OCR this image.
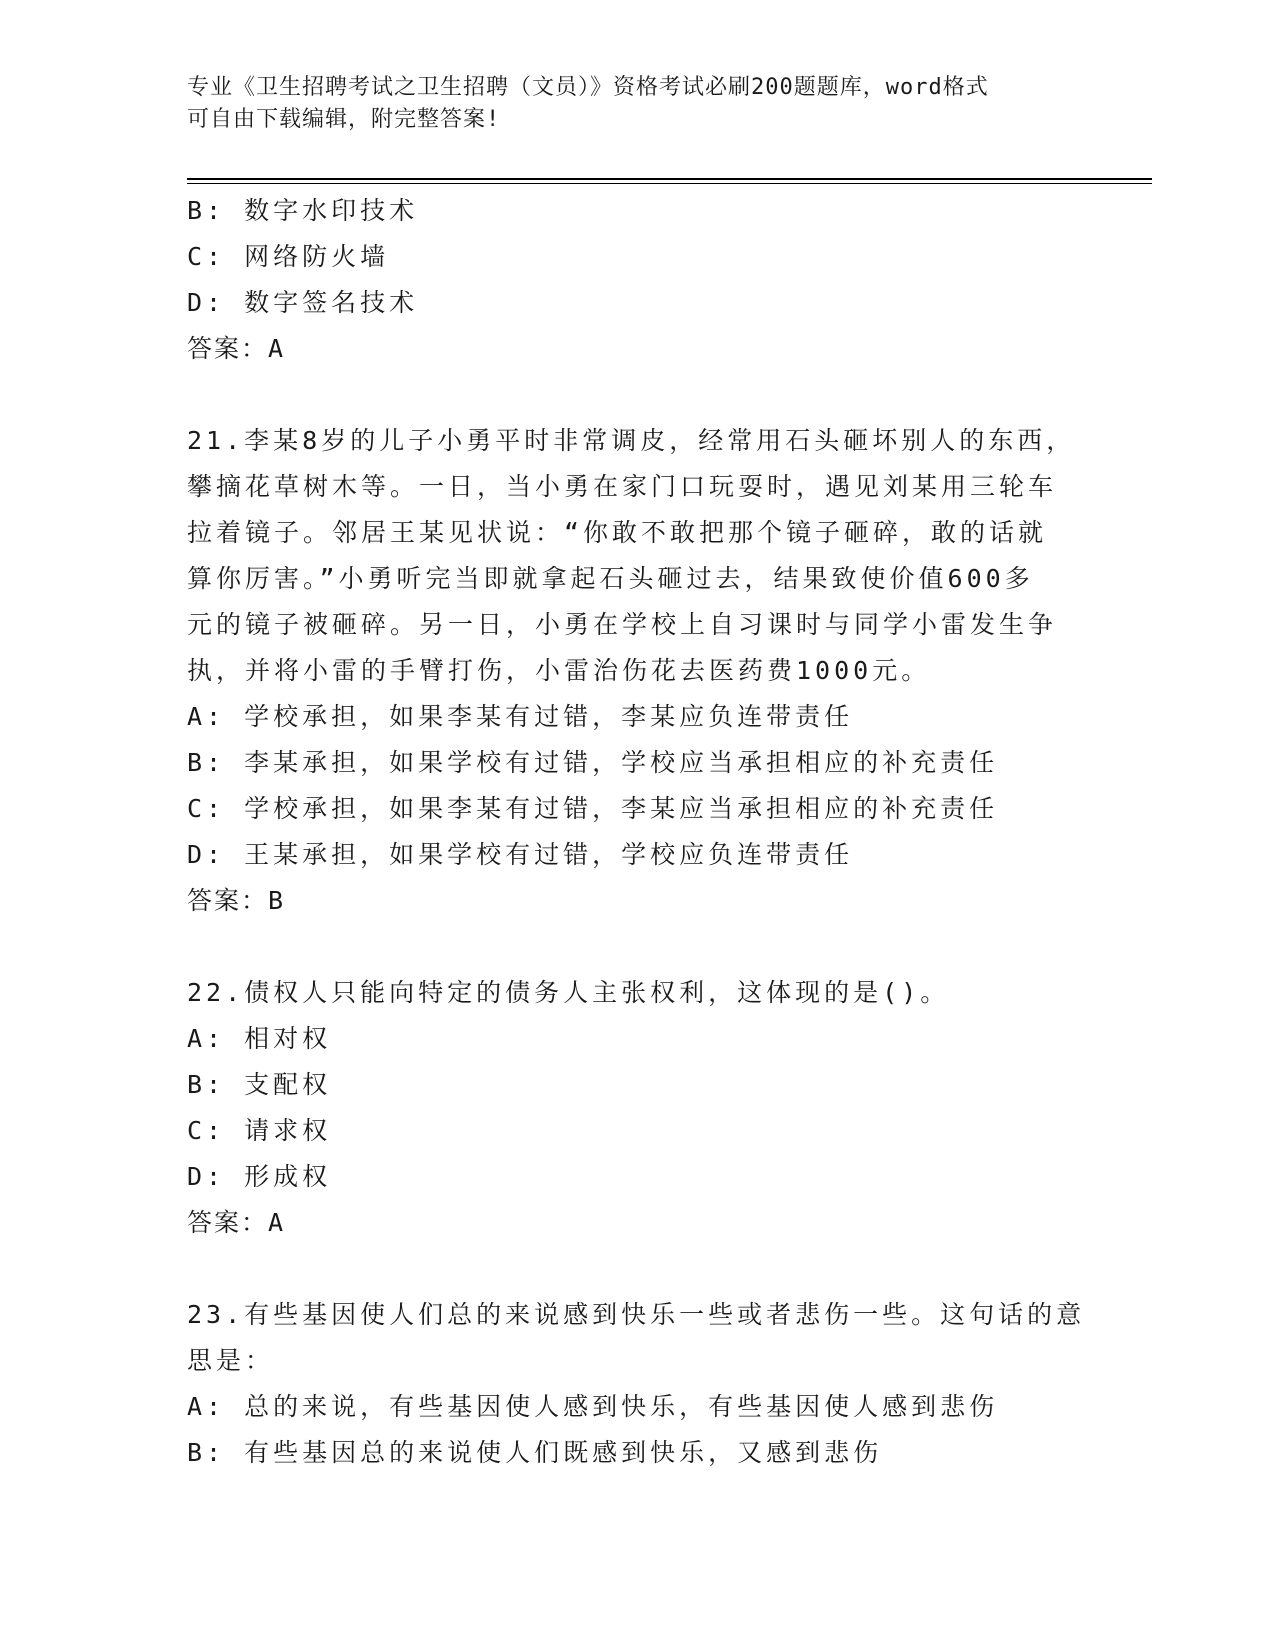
专业《卫生招聘考试之卫生招聘（文员）》资格考试必刷200题题库，word格式
可自由下载编辑，附完整答案!
B: 数字水印技术
C: 网络防火墙
D: 数字签名技术
答案：A
21.李某8岁的儿子小勇平时非常调皮，经常用石头砸坏别人的东西，
攀摘花草树木等。一日，当小勇在家门口玩耍时，遇见刘某用三轮车
拉着镜子。邻居王某见状说：“你敢不敢把那个镜子砸碎，敢的话就
算你厉害。”小勇听完当即就拿起石头砸过去，结果致使价值600多
元的镜子被砸碎。另一日，小勇在学校上自习课时与同学小雷发生争
执，并将小雷的手臂打伤，小雷治伤花去医药费1000元。
A: 学校承担，如果李某有过错，李某应负连带责任
B: 李某承担，如果学校有过错，学校应当承担相应的补充责任
C: 学校承担，如果李某有过错，李某应当承担相应的补充责任
D: 王某承担，如果学校有过错，学校应负连带责任
答案：B
22.债权人只能向特定的债务人主张权利，这体现的是()。
A: 相对权
B: 支配权
C: 请求权
D: 形成权
答案：A
23.有些基因使人们总的来说感到快乐一些或者悲伤一些。这句话的意
思是：
A: 总的来说，有些基因使人感到快乐，有些基因使人感到悲伤
B: 有些基因总的来说使人们既感到快乐，又感到悲伤
